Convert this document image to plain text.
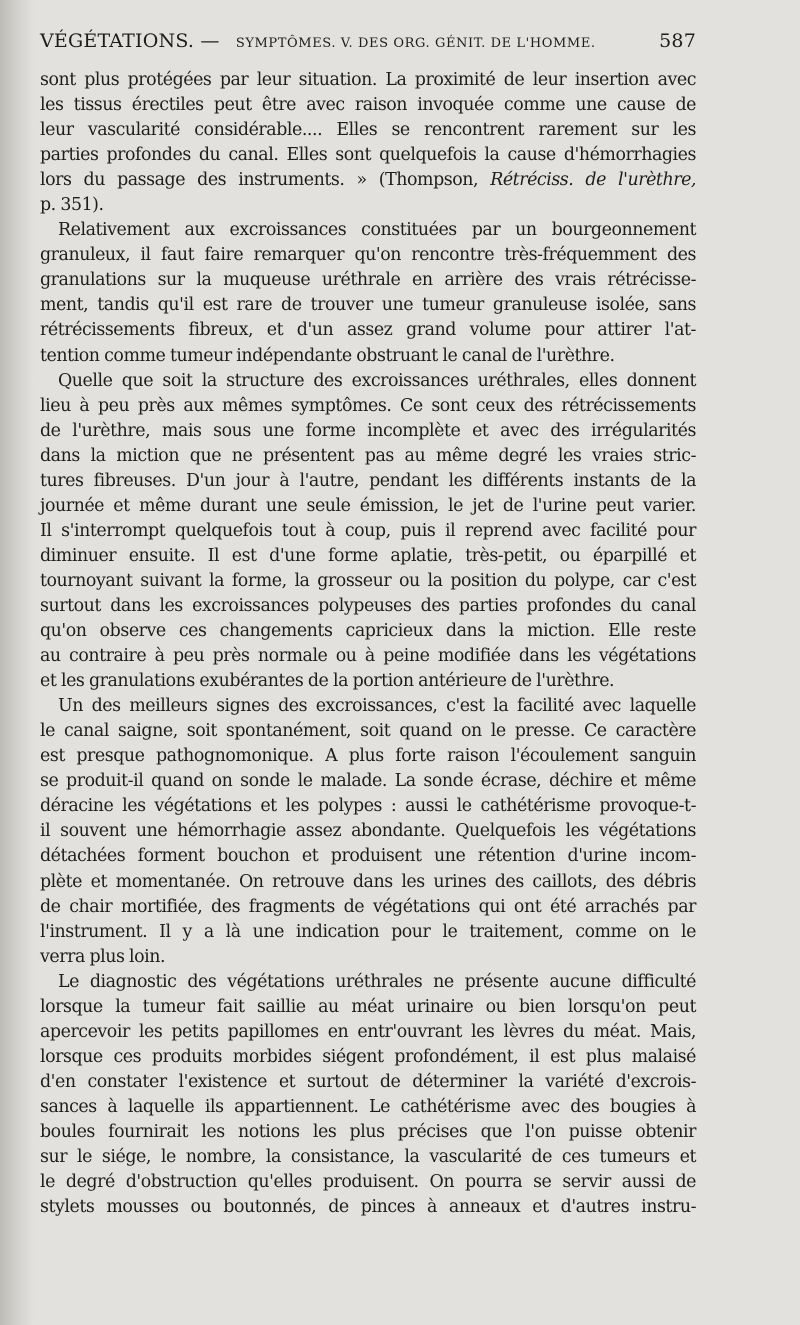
VÉGÉTATIONS. — SYMPTÔMES. V. DES ORG. GÉNIT. DE L'HOMME.	587
sont plus protégées par leur situation. La proximité de leur insertion avec
les tissus érectiles peut être avec raison invoquée comme une cause de
leur vascularité considérable.... Elles se rencontrent rarement sur les
parties profondes du canal. Elles sont quelquefois la cause d'hémorrhagies
lors du passage des instruments. » (Thompson, Rétréciss. de l'urèthre,
p. 351).
Relativement aux excroissances constituées par un bourgeonnement
granuleux, il faut faire remarquer qu'on rencontre très-fréquemment des
granulations sur la muqueuse uréthrale en arrière des vrais rétrécisse-
ment, tandis qu'il est rare de trouver une tumeur granuleuse isolée, sans
rétrécissements fibreux, et d'un assez grand volume pour attirer l'at-
tention comme tumeur indépendante obstruant le canal de l'urèthre.
Quelle que soit la structure des excroissances uréthrales, elles donnent
lieu à peu près aux mêmes symptômes. Ce sont ceux des rétrécissements
de l'urèthre, mais sous une forme incomplète et avec des irrégularités
dans la miction que ne présentent pas au même degré les vraies stric-
tures fibreuses. D'un jour à l'autre, pendant les différents instants de la
journée et même durant une seule émission, le jet de l'urine peut varier.
Il s'interrompt quelquefois tout à coup, puis il reprend avec facilité pour
diminuer ensuite. Il est d'une forme aplatie, très-petit, ou éparpillé et
tournoyant suivant la forme, la grosseur ou la position du polype, car c'est
surtout dans les excroissances polypeuses des parties profondes du canal
qu'on observe ces changements capricieux dans la miction. Elle reste
au contraire à peu près normale ou à peine modifiée dans les végétations
et les granulations exubérantes de la portion antérieure de l'urèthre.
Un des meilleurs signes des excroissances, c'est la facilité avec laquelle
le canal saigne, soit spontanément, soit quand on le presse. Ce caractère
est presque pathognomonique. A plus forte raison l'écoulement sanguin
se produit-il quand on sonde le malade. La sonde écrase, déchire et même
déracine les végétations et les polypes : aussi le cathétérisme provoque-t-
il souvent une hémorrhagie assez abondante. Quelquefois les végétations
détachées forment bouchon et produisent une rétention d'urine incom-
plète et momentanée. On retrouve dans les urines des caillots, des débris
de chair mortifiée, des fragments de végétations qui ont été arrachés par
l'instrument. Il y a là une indication pour le traitement, comme on le
verra plus loin.
Le diagnostic des végétations uréthrales ne présente aucune difficulté
lorsque la tumeur fait saillie au méat urinaire ou bien lorsqu'on peut
apercevoir les petits papillomes en entr'ouvrant les lèvres du méat. Mais,
lorsque ces produits morbides siégent profondément, il est plus malaisé
d'en constater l'existence et surtout de déterminer la variété d'excrois-
sances à laquelle ils appartiennent. Le cathétérisme avec des bougies à
boules fournirait les notions les plus précises que l'on puisse obtenir
sur le siége, le nombre, la consistance, la vascularité de ces tumeurs et
le degré d'obstruction qu'elles produisent. On pourra se servir aussi de
stylets mousses ou boutonnés, de pinces à anneaux et d'autres instru-
